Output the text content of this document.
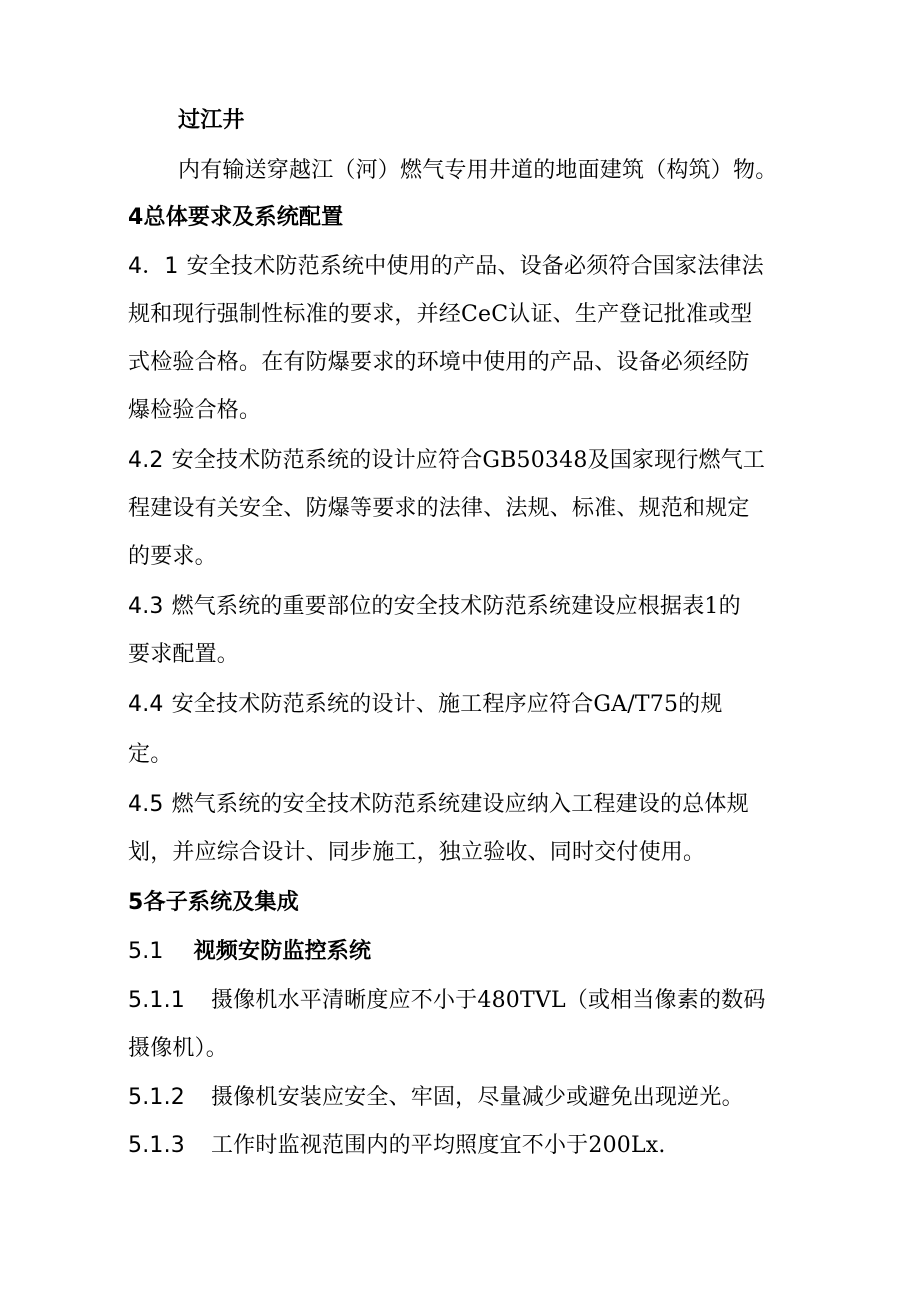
过江井
内有输送穿越江（河）燃气专用井道的地面建筑（构筑）物。
4总体要求及系统配置
4．1 安全技术防范系统中使用的产品、设备必须符合国家法律法
规和现行强制性标准的要求，并经CeC认证、生产登记批准或型
式检验合格。在有防爆要求的环境中使用的产品、设备必须经防
爆检验合格。
4.2 安全技术防范系统的设计应符合GB50348及国家现行燃气工
程建设有关安全、防爆等要求的法律、法规、标准、规范和规定
的要求。
4.3 燃气系统的重要部位的安全技术防范系统建设应根据表1的
要求配置。
4.4 安全技术防范系统的设计、施工程序应符合GA/T75的规
定。
4.5 燃气系统的安全技术防范系统建设应纳入工程建设的总体规
划，并应综合设计、同步施工，独立验收、同时交付使用。
5各子系统及集成
5.1 视频安防监控系统
5.1.1 摄像机水平清晰度应不小于480TVL（或相当像素的数码
摄像机）。
5.1.2 摄像机安装应安全、牢固，尽量减少或避免出现逆光。
5.1.3 工作时监视范围内的平均照度宜不小于200Lx.
